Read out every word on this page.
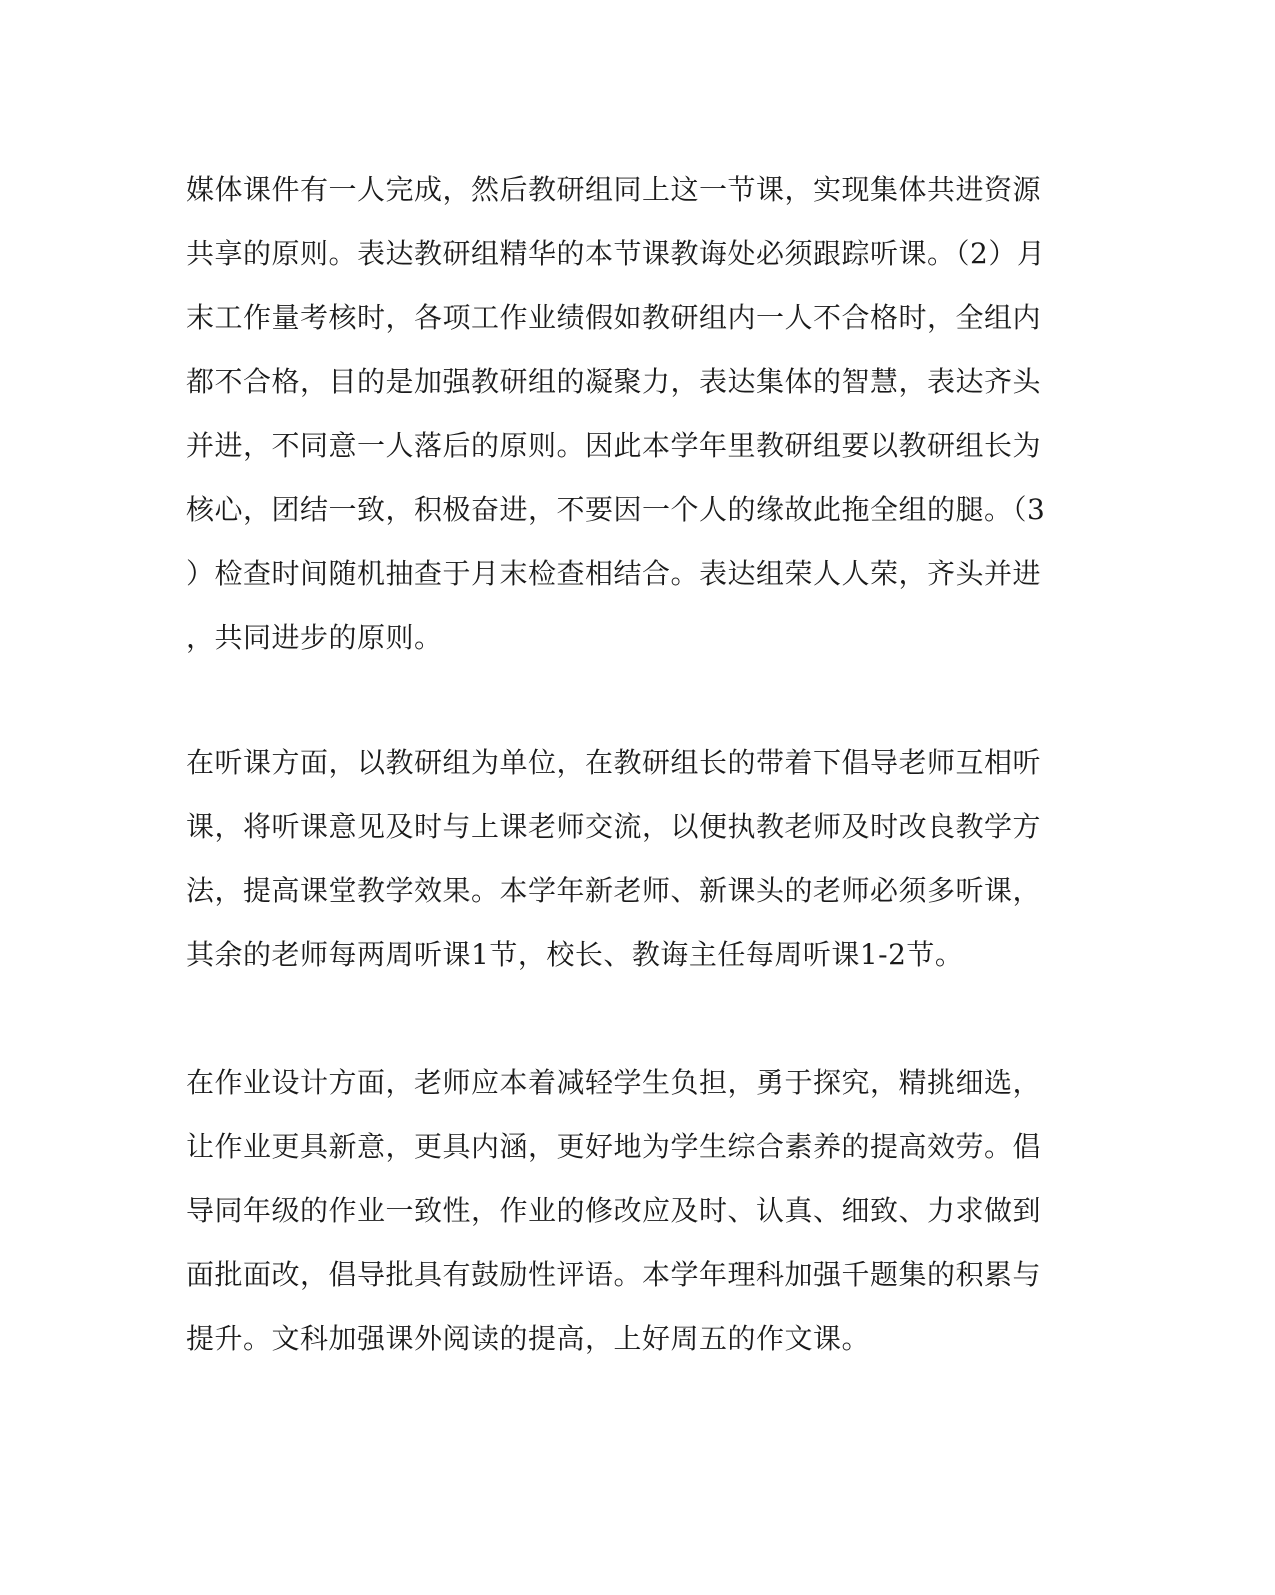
媒体课件有一人完成，然后教研组同上这一节课，实现集体共进资源
共享的原则。表达教研组精华的本节课教诲处必须跟踪听课。（2）月
末工作量考核时，各项工作业绩假如教研组内一人不合格时，全组内
都不合格，目的是加强教研组的凝聚力，表达集体的智慧，表达齐头
并进，不同意一人落后的原则。因此本学年里教研组要以教研组长为
核心，团结一致，积极奋进，不要因一个人的缘故此拖全组的腿。（3
）检查时间随机抽查于月末检查相结合。表达组荣人人荣，齐头并进
，共同进步的原则。
在听课方面，以教研组为单位，在教研组长的带着下倡导老师互相听
课，将听课意见及时与上课老师交流，以便执教老师及时改良教学方
法，提高课堂教学效果。本学年新老师、新课头的老师必须多听课，
其余的老师每两周听课1节，校长、教诲主任每周听课1-2节。
在作业设计方面，老师应本着减轻学生负担，勇于探究，精挑细选，
让作业更具新意，更具内涵，更好地为学生综合素养的提高效劳。倡
导同年级的作业一致性，作业的修改应及时、认真、细致、力求做到
面批面改，倡导批具有鼓励性评语。本学年理科加强千题集的积累与
提升。文科加强课外阅读的提高，上好周五的作文课。
